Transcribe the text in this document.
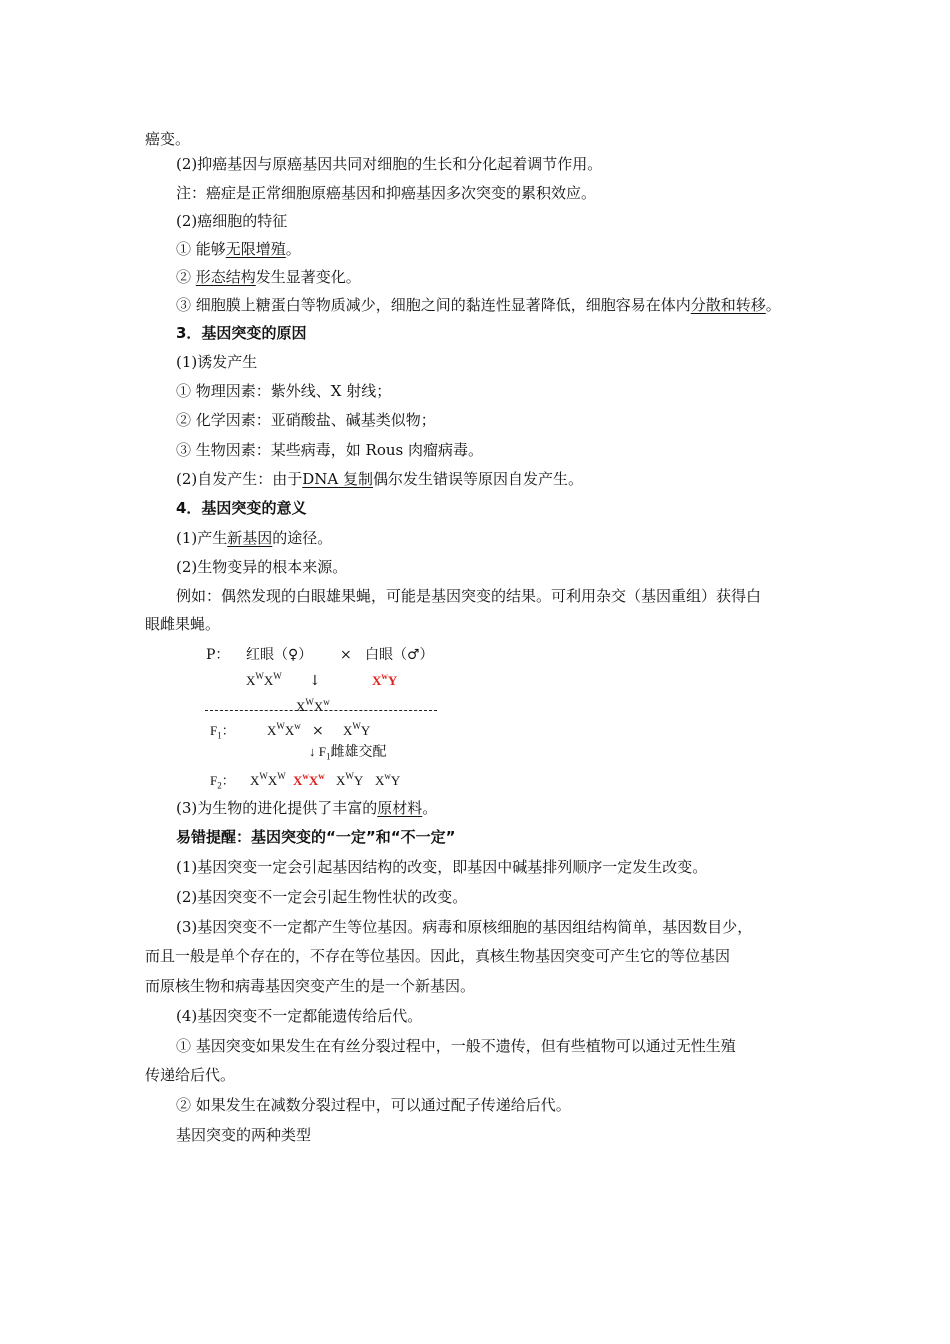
癌变。
(2)抑癌基因与原癌基因共同对细胞的生长和分化起着调节作用。
注：癌症是正常细胞原癌基因和抑癌基因多次突变的累积效应。
(2)癌细胞的特征
① 能够无限增殖。
② 形态结构发生显著变化。
③ 细胞膜上糖蛋白等物质减少，细胞之间的黏连性显著降低，细胞容易在体内分散和转移。
3．基因突变的原因
(1)诱发产生
① 物理因素：紫外线、X 射线；
② 化学因素：亚硝酸盐、碱基类似物；
③ 生物因素：某些病毒，如 Rous 肉瘤病毒。
(2)自发产生：由于DNA 复制偶尔发生错误等原因自发产生。
4．基因突变的意义
(1)产生新基因的途径。
(2)生物变异的根本来源。
例如：偶然发现的白眼雄果蝇，可能是基因突变的结果。可利用杂交（基因重组）获得白
眼雌果蝇。
P： 红眼（♀） × 白眼（♂）
$X^WX^W$ ↓	$X^wY$
$X^WX^w$
$F_1$： $X^WX^w \times X^WY$
↓ $F_1$雌雄交配
$F_2$： $X^WX^W$ $X^wX^w$ $X^WY$ $X^wY$
(3)为生物的进化提供了丰富的原材料。
易错提醒：基因突变的“一定”和“不一定”
(1)基因突变一定会引起基因结构的改变，即基因中碱基排列顺序一定发生改变。
(2)基因突变不一定会引起生物性状的改变。
(3)基因突变不一定都产生等位基因。病毒和原核细胞的基因组结构简单，基因数目少，
而且一般是单个存在的，不存在等位基因。因此，真核生物基因突变可产生它的等位基因
而原核生物和病毒基因突变产生的是一个新基因。
(4)基因突变不一定都能遗传给后代。
① 基因突变如果发生在有丝分裂过程中，一般不遗传，但有些植物可以通过无性生殖
传递给后代。
② 如果发生在减数分裂过程中，可以通过配子传递给后代。
基因突变的两种类型
